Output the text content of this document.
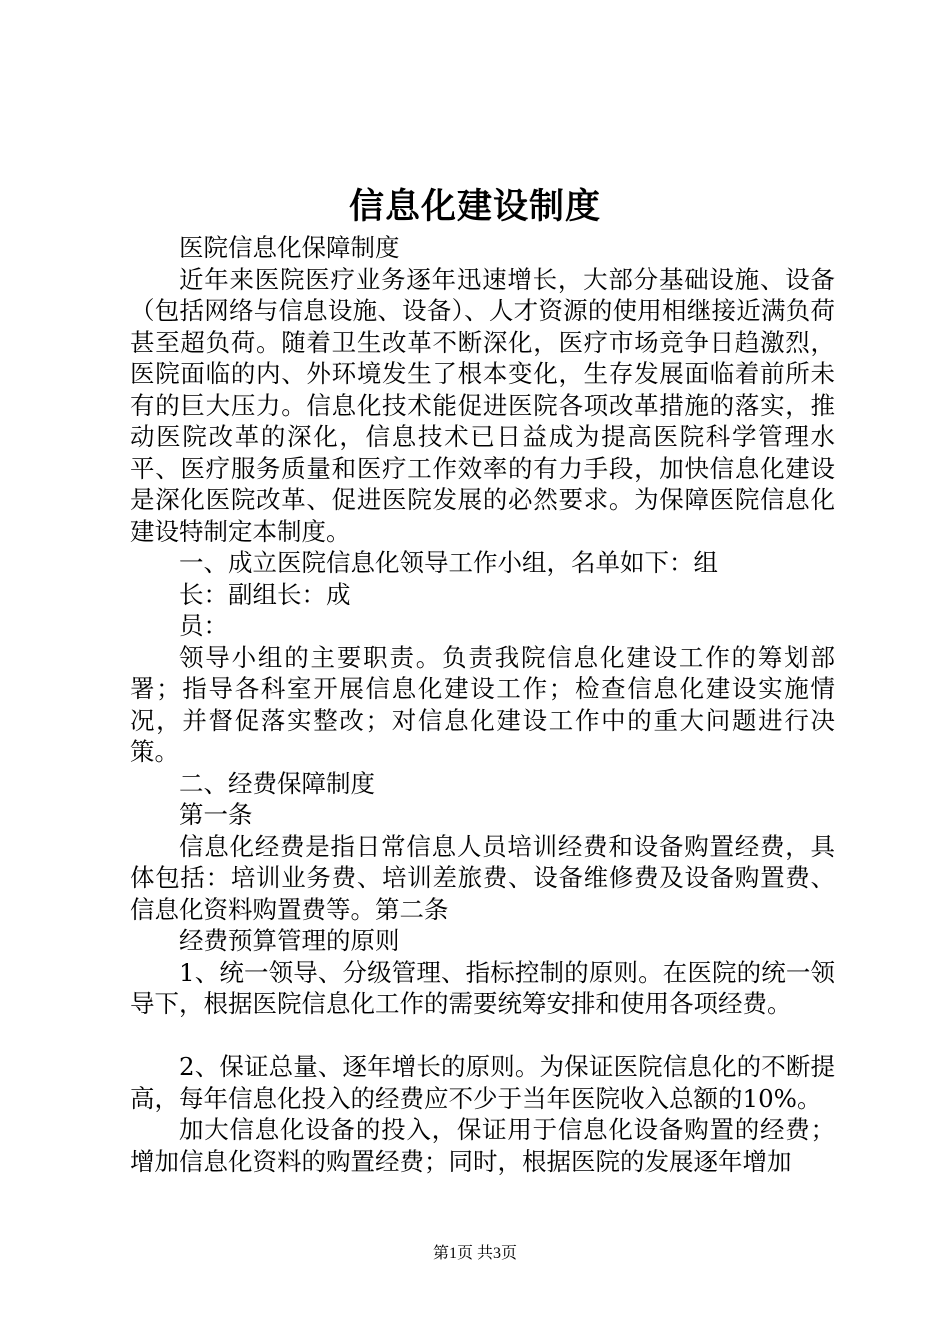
信息化建设制度

医院信息化保障制度

近年来医院医疗业务逐年迅速增长，大部分基础设施、设备（包括网络与信息设施、设备）、人才资源的使用相继接近满负荷甚至超负荷。随着卫生改革不断深化，医疗市场竞争日趋激烈，医院面临的内、外环境发生了根本变化，生存发展面临着前所未有的巨大压力。信息化技术能促进医院各项改革措施的落实，推动医院改革的深化，信息技术已日益成为提高医院科学管理水平、医疗服务质量和医疗工作效率的有力手段，加快信息化建设是深化医院改革、促进医院发展的必然要求。为保障医院信息化建设特制定本制度。

一、成立医院信息化领导工作小组，名单如下：组

长：副组长：成

员：

领导小组的主要职责。负责我院信息化建设工作的筹划部署；指导各科室开展信息化建设工作；检查信息化建设实施情况，并督促落实整改；对信息化建设工作中的重大问题进行决策。

二、经费保障制度

第一条

信息化经费是指日常信息人员培训经费和设备购置经费，具体包括：培训业务费、培训差旅费、设备维修费及设备购置费、信息化资料购置费等。第二条

经费预算管理的原则

1、统一领导、分级管理、指标控制的原则。在医院的统一领导下，根据医院信息化工作的需要统筹安排和使用各项经费。

2、保证总量、逐年增长的原则。为保证医院信息化的不断提高，每年信息化投入的经费应不少于当年医院收入总额的10%。

加大信息化设备的投入，保证用于信息化设备购置的经费；增加信息化资料的购置经费；同时，根据医院的发展逐年增加

第1页 共3页
